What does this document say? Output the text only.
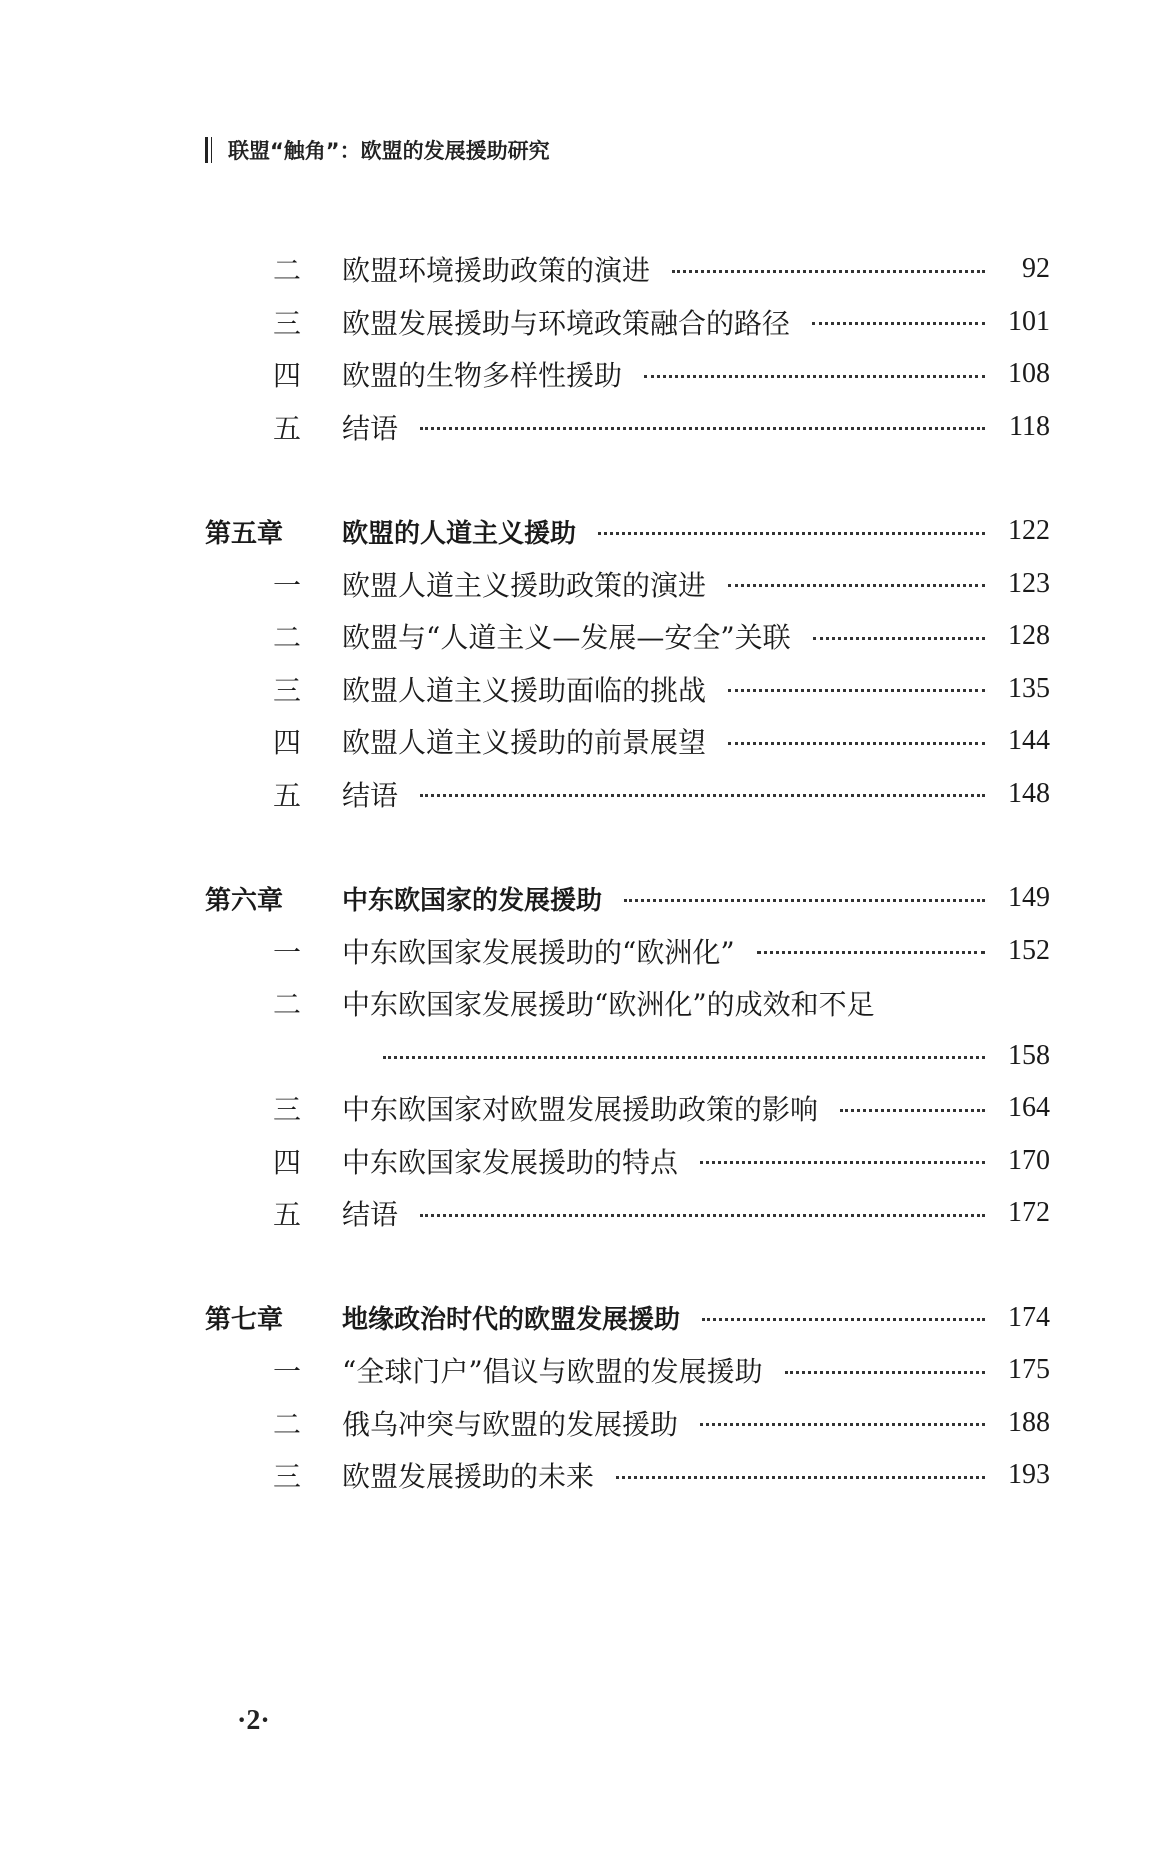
联盟“触角”：欧盟的发展援助研究
二 欧盟环境援助政策的演进	92
三 欧盟发展援助与环境政策融合的路径	101
四 欧盟的生物多样性援助	108
五 结语	118
第五章	欧盟的人道主义援助	122
一 欧盟人道主义援助政策的演进	123
二 欧盟与“人道主义—发展—安全”关联	128
三 欧盟人道主义援助面临的挑战	135
四 欧盟人道主义援助的前景展望	144
五 结语	148
第六章	中东欧国家的发展援助	149
一 中东欧国家发展援助的“欧洲化”	152
二 中东欧国家发展援助“欧洲化”的成效和不足
158
三 中东欧国家对欧盟发展援助政策的影响	164
四 中东欧国家发展援助的特点	170
五 结语	172
第七章	地缘政治时代的欧盟发展援助	174
一 “全球门户”倡议与欧盟的发展援助	175
二 俄乌冲突与欧盟的发展援助	188
三 欧盟发展援助的未来	193
·2·
